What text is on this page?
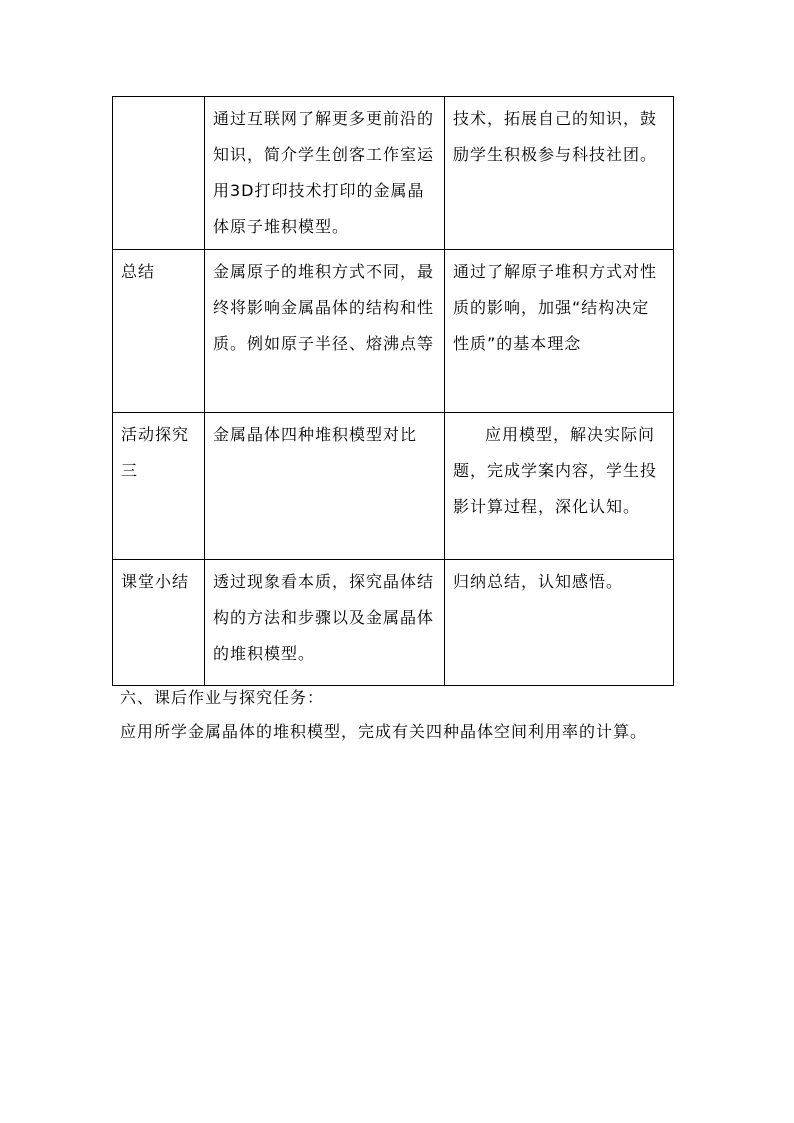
	通过互联网了解更多更前沿的知识，简介学生创客工作室运用3D打印技术打印的金属晶体原子堆积模型。	技术，拓展自己的知识，鼓励学生积极参与科技社团。
总结	金属原子的堆积方式不同，最终将影响金属晶体的结构和性质。例如原子半径、熔沸点等	通过了解原子堆积方式对性质的影响，加强“结构决定性质”的基本理念
活动探究三	金属晶体四种堆积模型对比	应用模型，解决实际问题，完成学案内容，学生投影计算过程，深化认知。
课堂小结	透过现象看本质，探究晶体结构的方法和步骤以及金属晶体的堆积模型。	归纳总结，认知感悟。
六、课后作业与探究任务：
应用所学金属晶体的堆积模型，完成有关四种晶体空间利用率的计算。
